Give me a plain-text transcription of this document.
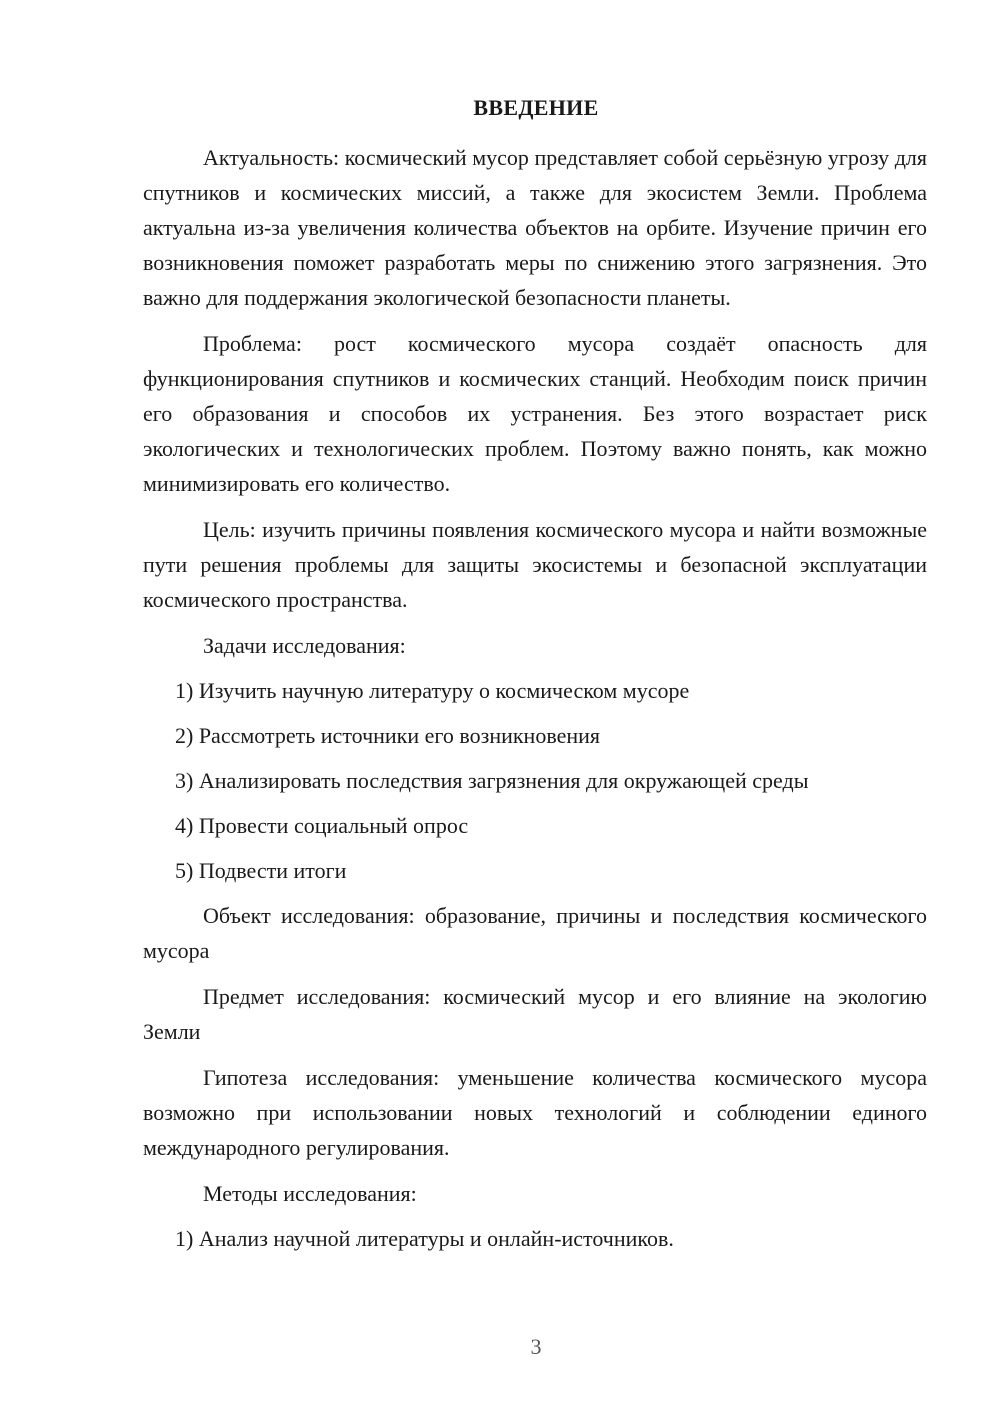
ВВЕДЕНИЕ

Актуальность: космический мусор представляет собой серьёзную угрозу для спутников и космических миссий, а также для экосистем Земли. Проблема актуальна из-за увеличения количества объектов на орбите. Изучение причин его возникновения поможет разработать меры по снижению этого загрязнения. Это важно для поддержания экологической безопасности планеты.

Проблема: рост космического мусора создаёт опасность для функционирования спутников и космических станций. Необходим поиск причин его образования и способов их устранения. Без этого возрастает риск экологических и технологических проблем. Поэтому важно понять, как можно минимизировать его количество.

Цель: изучить причины появления космического мусора и найти возможные пути решения проблемы для защиты экосистемы и безопасной эксплуатации космического пространства.

Задачи исследования:

1) Изучить научную литературу о космическом мусоре

2) Рассмотреть источники его возникновения

3) Анализировать последствия загрязнения для окружающей среды

4) Провести социальный опрос

5) Подвести итоги

Объект исследования: образование, причины и последствия космического мусора

Предмет исследования: космический мусор и его влияние на экологию Земли

Гипотеза исследования: уменьшение количества космического мусора возможно при использовании новых технологий и соблюдении единого международного регулирования.

Методы исследования:

1) Анализ научной литературы и онлайн-источников.

3
